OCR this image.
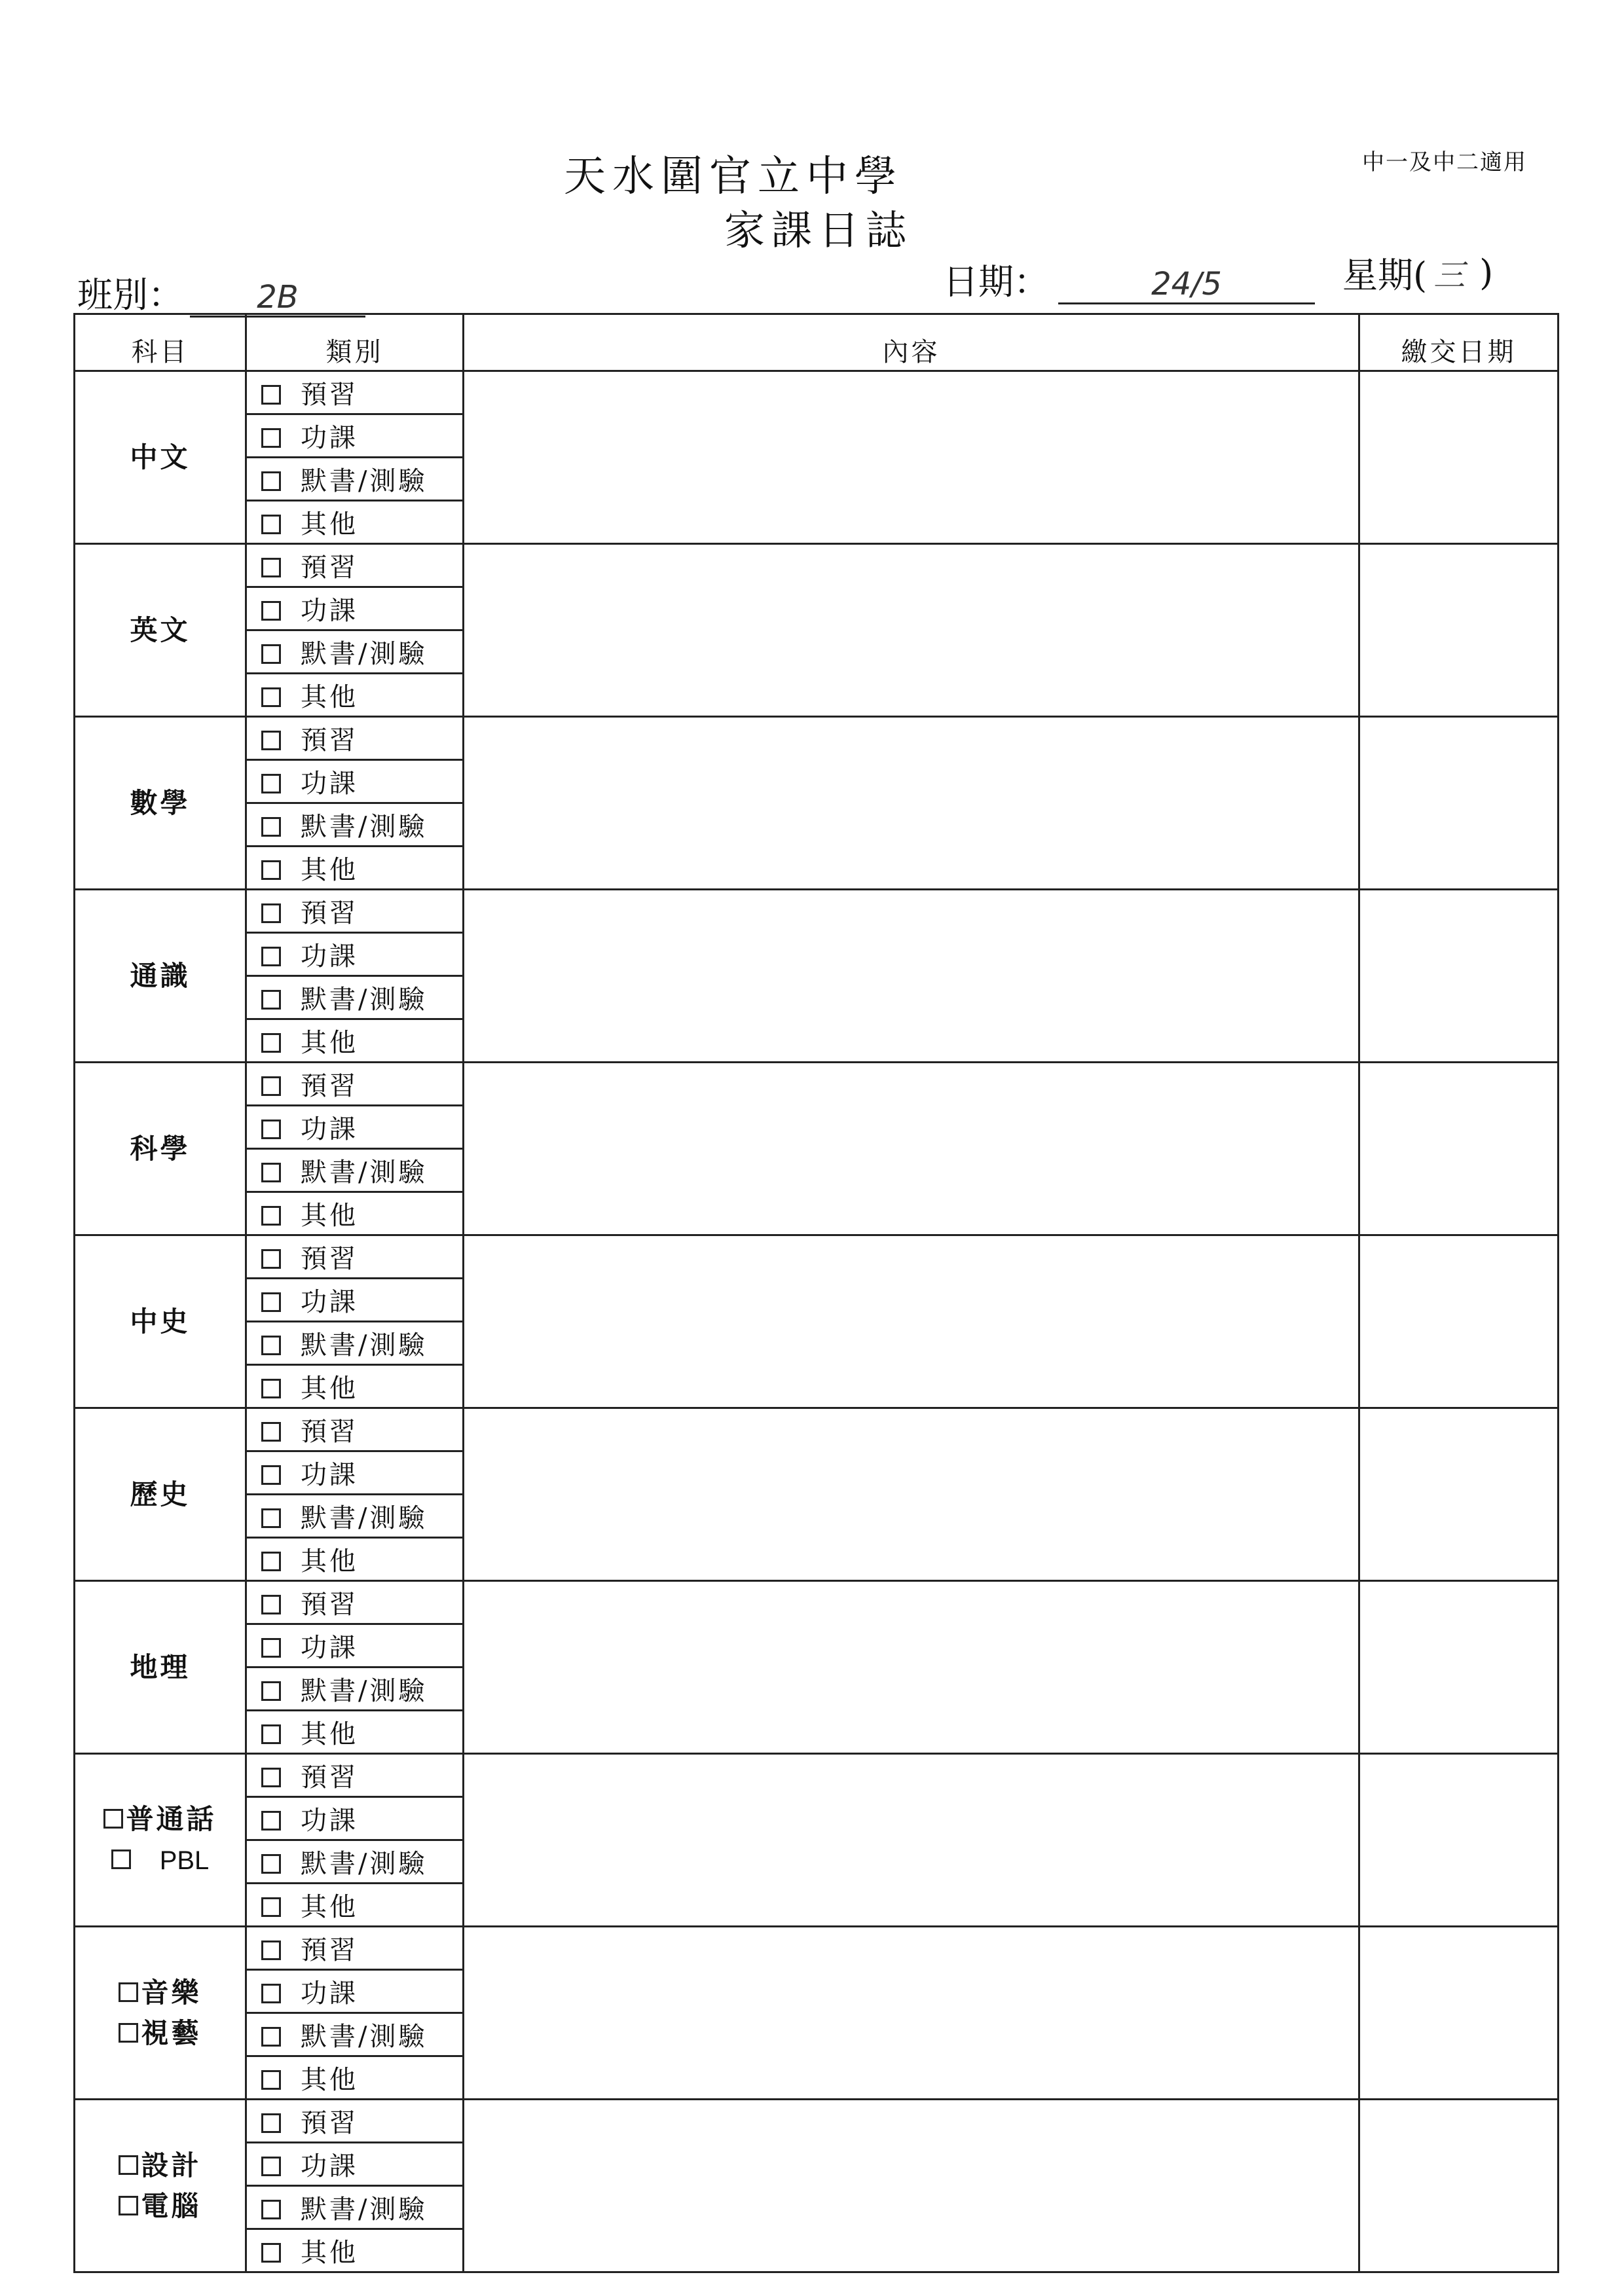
中一及中二適用
天水圍官立中學
家課日誌
班別：	2B	日期：	24/5	星期( 三 )
科目	類別	內容	繳交日期

中文	預習		
	功課		
	默書/測驗		
	其他		

英文	預習		
	功課		
	默書/測驗		
	其他		

數學	預習		
	功課		
	默書/測驗		
	其他		

通識	預習		
	功課		
	默書/測驗		
	其他		

科學	預習		
	功課		
	默書/測驗		
	其他		

中史	預習		
	功課		
	默書/測驗		
	其他		

歷史	預習		
	功課		
	默書/測驗		
	其他		

地理	預習		
	功課		
	默書/測驗		
	其他		

普通話
PBL	預習		
	功課		
	默書/測驗		
	其他		

音樂
視藝	預習		
	功課		
	默書/測驗		
	其他		

設計
電腦	預習		
	功課		
	默書/測驗		
	其他		
